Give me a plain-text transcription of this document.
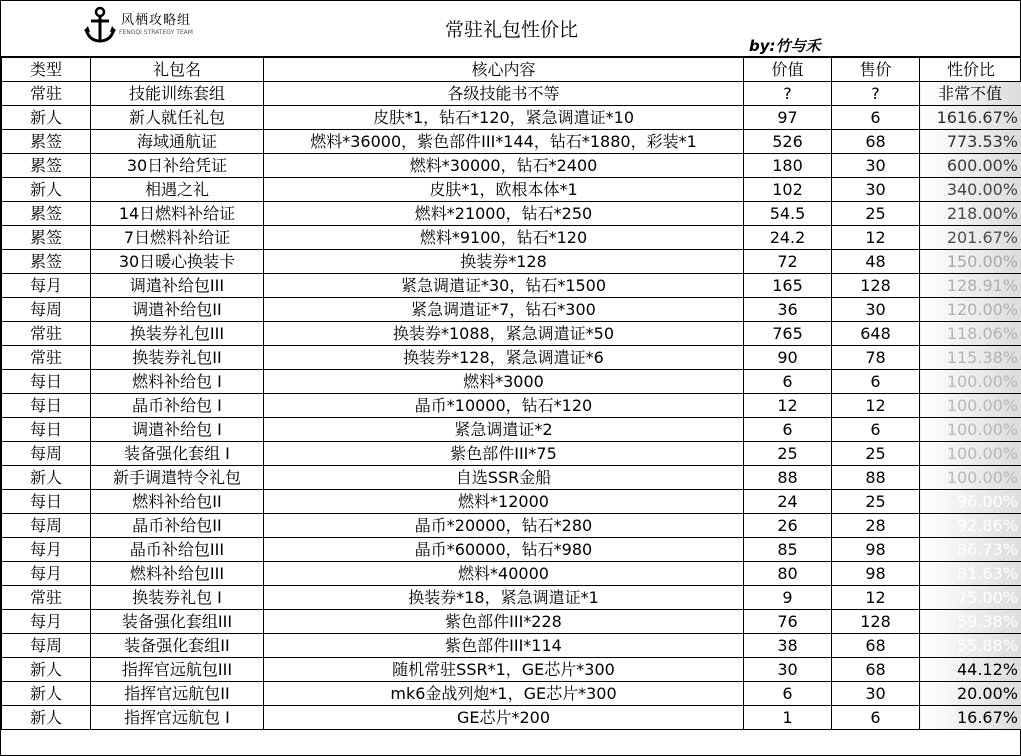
风栖攻略组
FENGQI STRATEGY TEAM	常驻礼包性价比
by:竹与禾
类型	礼包名	核心内容	价值	售价	性价比
常驻	技能训练套组	各级技能书不等	?	?	非常不值
新人	新人就任礼包	皮肤*1，钻石*120，紧急调遣证*10	97	6	1616.67%
累签	海域通航证	燃料*36000，紫色部件III*144，钻石*1880，彩装*1	526	68	773.53%
累签	30日补给凭证	燃料*30000，钻石*2400	180	30	600.00%
新人	相遇之礼	皮肤*1，欧根本体*1	102	30	340.00%
累签	14日燃料补给证	燃料*21000，钻石*250	54.5	25	218.00%
累签	7日燃料补给证	燃料*9100，钻石*120	24.2	12	201.67%
累签	30日暖心换装卡	换装券*128	72	48	150.00%
每月	调遣补给包III	紧急调遣证*30，钻石*1500	165	128	128.91%
每周	调遣补给包II	紧急调遣证*7，钻石*300	36	30	120.00%
常驻	换装券礼包III	换装券*1088，紧急调遣证*50	765	648	118.06%
常驻	换装券礼包II	换装券*128，紧急调遣证*6	90	78	115.38%
每日	燃料补给包 I	燃料*3000	6	6	100.00%
每日	晶币补给包 I	晶币*10000，钻石*120	12	12	100.00%
每日	调遣补给包 I	紧急调遣证*2	6	6	100.00%
每周	装备强化套组 I	紫色部件III*75	25	25	100.00%
新人	新手调遣特令礼包	自选SSR金船	88	88	100.00%
每日	燃料补给包II	燃料*12000	24	25	96.00%
每周	晶币补给包II	晶币*20000，钻石*280	26	28	92.86%
每月	晶币补给包III	晶币*60000，钻石*980	85	98	86.73%
每月	燃料补给包III	燃料*40000	80	98	81.63%
常驻	换装券礼包 I	换装券*18，紧急调遣证*1	9	12	75.00%
每月	装备强化套组III	紫色部件III*228	76	128	59.38%
每周	装备强化套组II	紫色部件III*114	38	68	55.88%
新人	指挥官远航包III	随机常驻SSR*1，GE芯片*300	30	68	44.12%
新人	指挥官远航包II	mk6金战列炮*1，GE芯片*300	6	30	20.00%
新人	指挥官远航包 I	GE芯片*200	1	6	16.67%
